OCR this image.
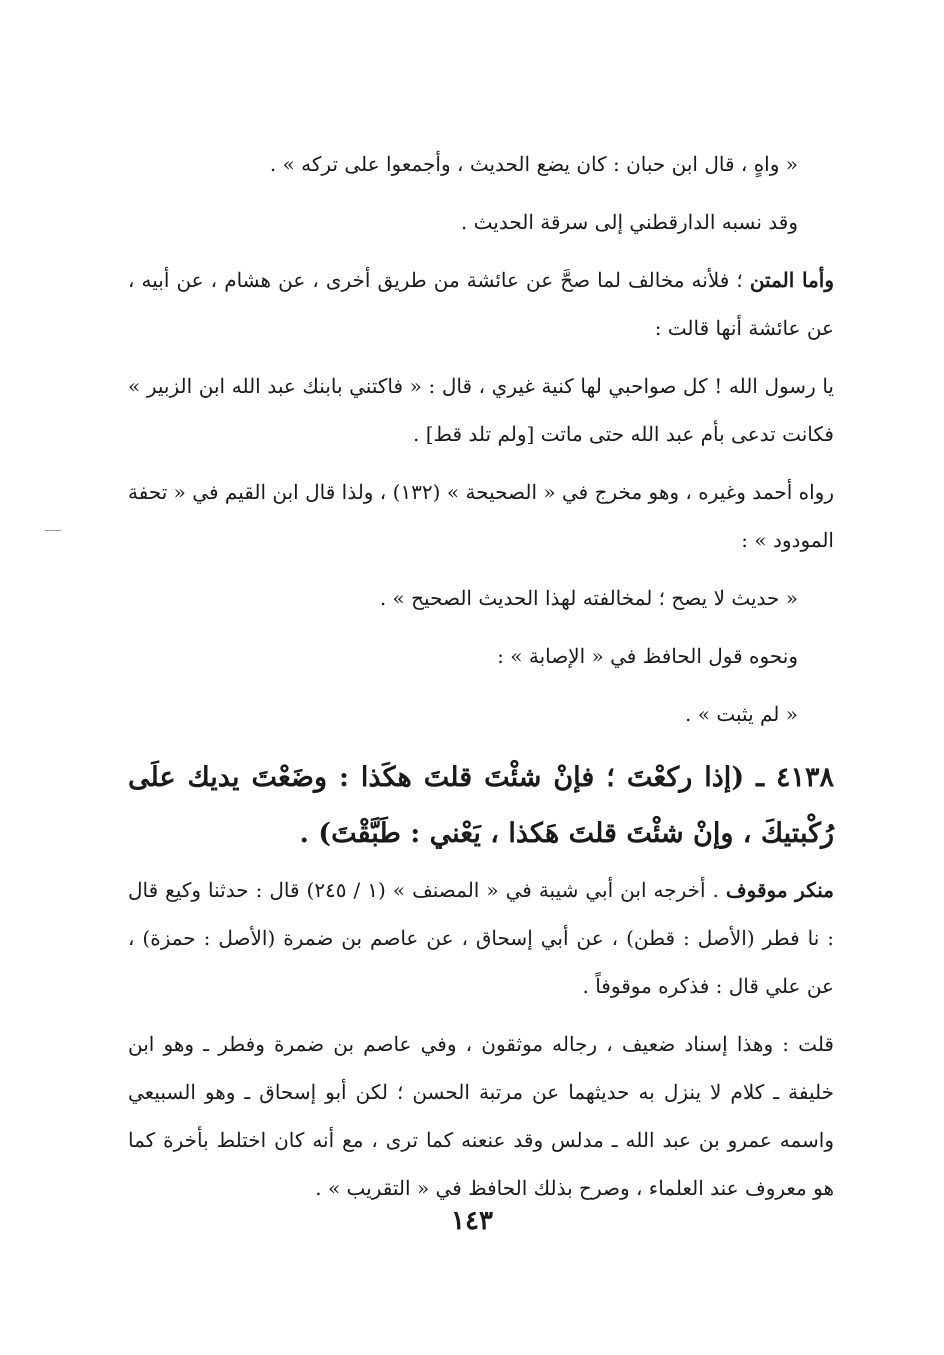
« واهٍ ، قال ابن حبان : كان يضع الحديث ، وأجمعوا على تركه » .

وقد نسبه الدارقطني إلى سرقة الحديث .

وأما المتن ؛ فلأنه مخالف لما صحَّ عن عائشة من طريق أخرى ، عن هشام ، عن أبيه ، عن عائشة أنها قالت :

يا رسول الله ! كل صواحبي لها كنية غيري ، قال : « فاكتني بابنك عبد الله ابن الزبير » فكانت تدعى بأم عبد الله حتى ماتت [ولم تلد قط] .

رواه أحمد وغيره ، وهو مخرج في « الصحيحة » (١٣٢) ، ولذا قال ابن القيم في « تحفة المودود » :

« حديث لا يصح ؛ لمخالفته لهذا الحديث الصحيح » .

ونحوه قول الحافظ في « الإصابة » :

« لم يثبت » .

٤١٣٨ ـ (إذا ركعْتَ ؛ فإنْ شئْتَ قلتَ هكَذا : وضَعْتَ يديك علَى رُكْبتيكَ ، وإنْ شئْتَ قلتَ هَكذا ، يَعْني : طَبَّقْتَ) .

منكر موقوف . أخرجه ابن أبي شيبة في « المصنف » (١ / ٢٤٥) قال : حدثنا وكيع قال : نا فطر (الأصل : قطن) ، عن أبي إسحاق ، عن عاصم بن ضمرة (الأصل : حمزة) ، عن علي قال : فذكره موقوفاً .

قلت : وهذا إسناد ضعيف ، رجاله موثقون ، وفي عاصم بن ضمرة وفطر ـ وهو ابن خليفة ـ كلام لا ينزل به حديثهما عن مرتبة الحسن ؛ لكن أبو إسحاق ـ وهو السبيعي واسمه عمرو بن عبد الله ـ مدلس وقد عنعنه كما ترى ، مع أنه كان اختلط بأخرة كما هو معروف عند العلماء ، وصرح بذلك الحافظ في « التقريب » .

١٤٣
